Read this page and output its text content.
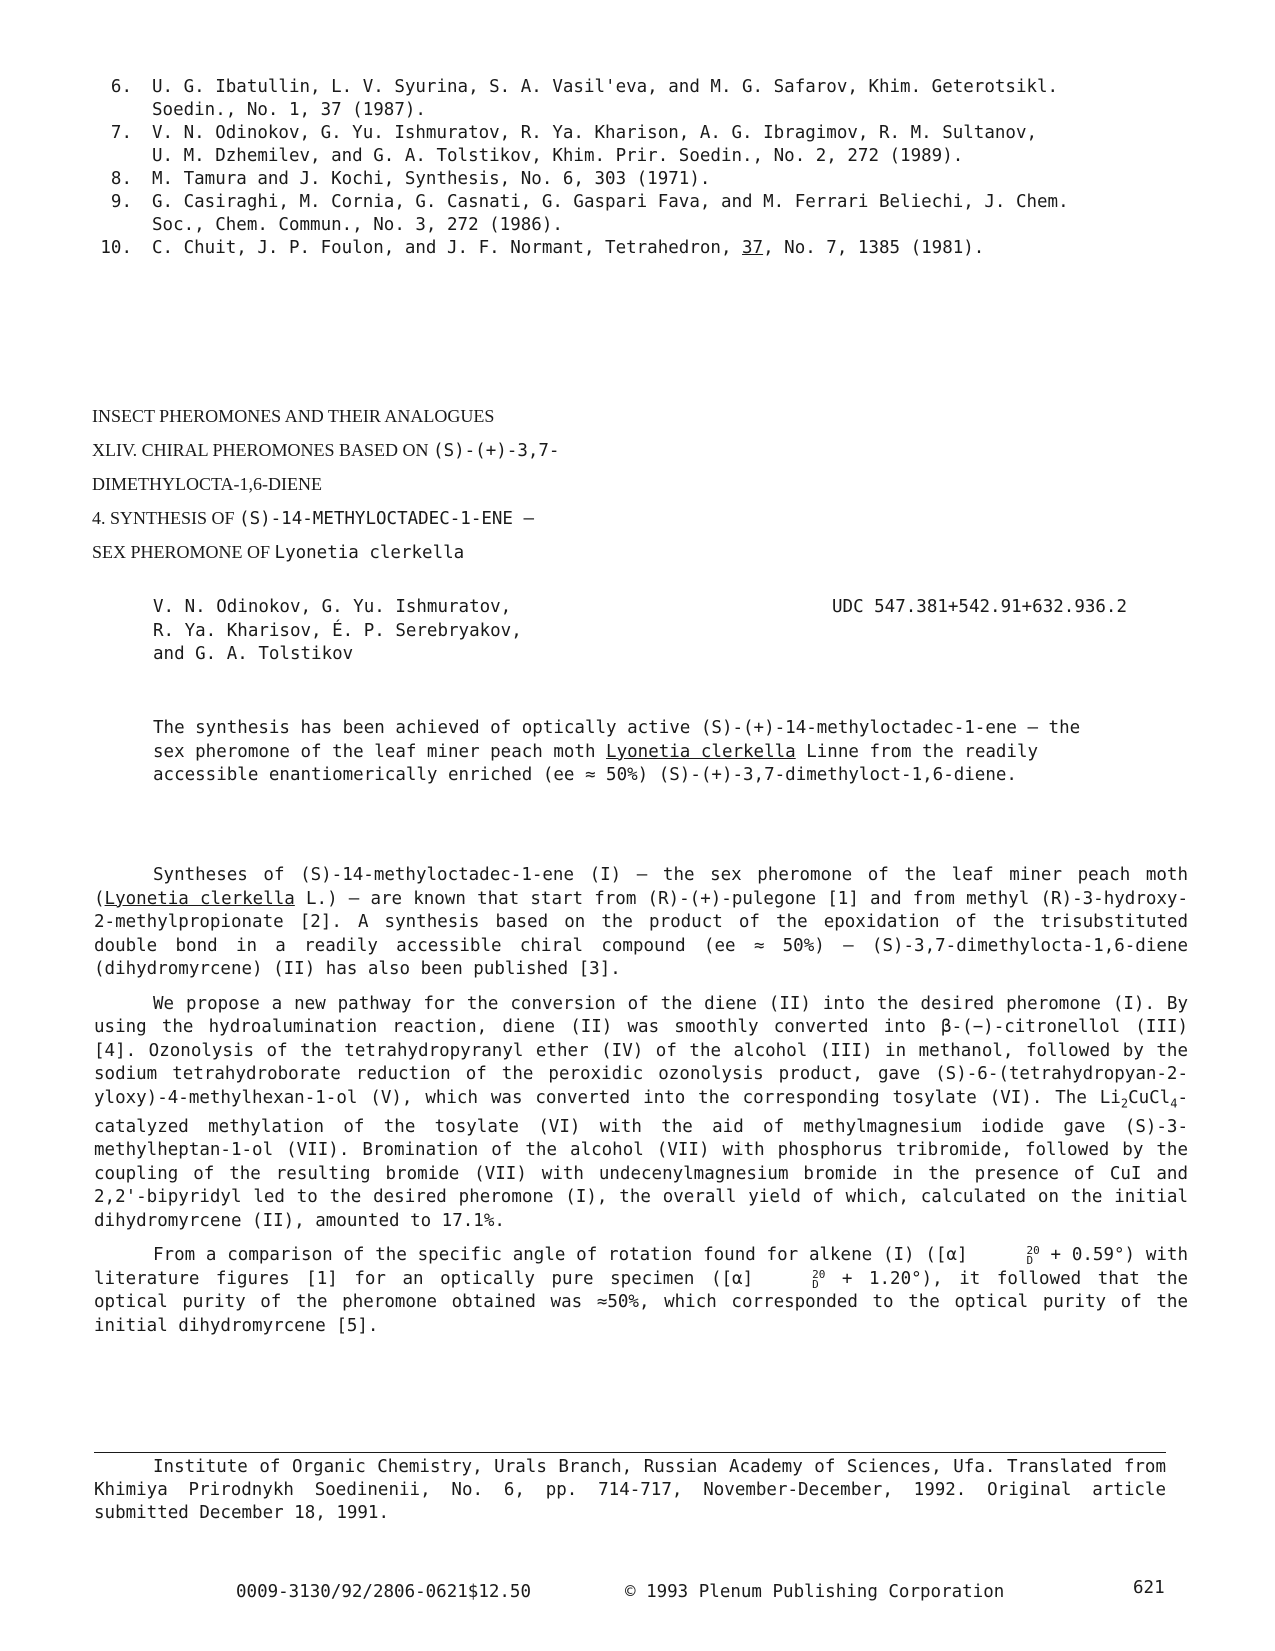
6. U. G. Ibatullin, L. V. Syurina, S. A. Vasil'eva, and M. G. Safarov, Khim. Geterotsikl.
Soedin., No. 1, 37 (1987).
7. V. N. Odinokov, G. Yu. Ishmuratov, R. Ya. Kharison, A. G. Ibragimov, R. M. Sultanov,
U. M. Dzhemilev, and G. A. Tolstikov, Khim. Prir. Soedin., No. 2, 272 (1989).
8. M. Tamura and J. Kochi, Synthesis, No. 6, 303 (1971).
9. G. Casiraghi, M. Cornia, G. Casnati, G. Gaspari Fava, and M. Ferrari Beliechi, J. Chem.
Soc., Chem. Commun., No. 3, 272 (1986).
10. C. Chuit, J. P. Foulon, and J. F. Normant, Tetrahedron, 37, No. 7, 1385 (1981).
INSECT PHEROMONES AND THEIR ANALOGUES
XLIV. CHIRAL PHEROMONES BASED ON (S)-(+)-3,7-
DIMETHYLOCTA-1,6-DIENE
4. SYNTHESIS OF (S)-14-METHYLOCTADEC-1-ENE —
SEX PHEROMONE OF Lyonetia clerkella
V. N. Odinokov, G. Yu. Ishmuratov,
R. Ya. Kharisov, É. P. Serebryakov,
and G. A. Tolstikov
UDC 547.381+542.91+632.936.2
The synthesis has been achieved of optically active (S)-(+)-14-methyloctadec-1-ene — the sex pheromone of the leaf miner peach moth Lyonetia clerkella Linne from the readily accessible enantiomerically enriched (ee ≈ 50%) (S)-(+)-3,7-dimethyloct-1,6-diene.

Syntheses of (S)-14-methyloctadec-1-ene (I) — the sex pheromone of the leaf miner peach moth (Lyonetia clerkella L.) — are known that start from (R)-(+)-pulegone [1] and from methyl (R)-3-hydroxy-2-methylpropionate [2]. A synthesis based on the product of the epoxidation of the trisubstituted double bond in a readily accessible chiral compound (ee ≈ 50%) — (S)-3,7-dimethylocta-1,6-diene (dihydromyrcene) (II) has also been published [3].

We propose a new pathway for the conversion of the diene (II) into the desired pheromone (I). By using the hydroalumination reaction, diene (II) was smoothly converted into β-(−)-citronellol (III) [4]. Ozonolysis of the tetrahydropyranyl ether (IV) of the alcohol (III) in methanol, followed by the sodium tetrahydroborate reduction of the peroxidic ozonolysis product, gave (S)-6-(tetrahydropyan-2-yloxy)-4-methylhexan-1-ol (V), which was converted into the corresponding tosylate (VI). The $Li_2CuCl_4$-catalyzed methylation of the tosylate (VI) with the aid of methylmagnesium iodide gave (S)-3-methylheptan-1-ol (VII). Bromination of the alcohol (VII) with phosphorus tribromide, followed by the coupling of the resulting bromide (VII) with undecenylmagnesium bromide in the presence of CuI and 2,2'-bipyridyl led to the desired pheromone (I), the overall yield of which, calculated on the initial dihydromyrcene (II), amounted to 17.1%.

From a comparison of the specific angle of rotation found for alkene (I) ([α]	20
D + 0.59°) with literature figures [1] for an optically pure specimen ([α]	20
D + 1.20°), it followed that the optical purity of the pheromone obtained was ≈50%, which corresponded to the optical purity of the initial dihydromyrcene [5].

Institute of Organic Chemistry, Urals Branch, Russian Academy of Sciences, Ufa. Translated from Khimiya Prirodnykh Soedinenii, No. 6, pp. 714-717, November-December, 1992. Original article submitted December 18, 1991.

0009-3130/92/2806-0621$12.50	© 1993 Plenum Publishing Corporation	621
